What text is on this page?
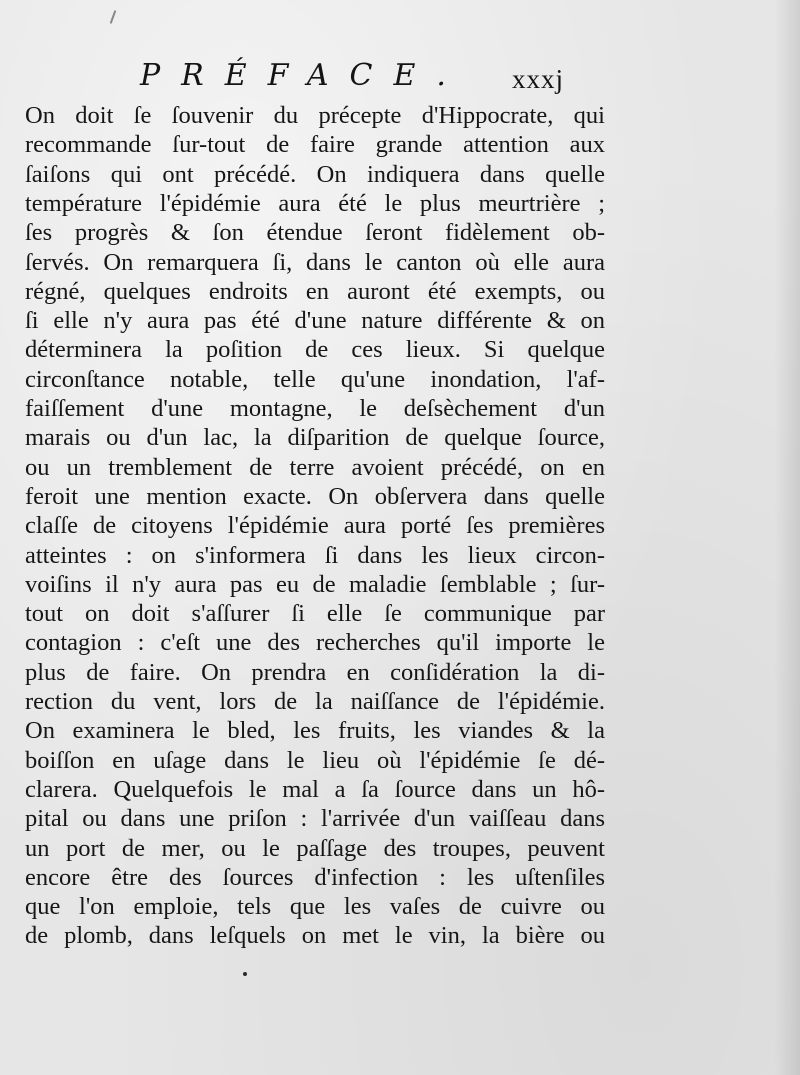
PRÉFACE.	xxxj
On doit ſe ſouvenir du précepte d'Hippocrate, qui
recommande ſur-tout de faire grande attention aux
ſaiſons qui ont précédé. On indiquera dans quelle
température l'épidémie aura été le plus meurtrière ;
ſes progrès & ſon étendue ſeront fidèlement ob-
ſervés. On remarquera ſi, dans le canton où elle aura
régné, quelques endroits en auront été exempts, ou
ſi elle n'y aura pas été d'une nature différente & on
déterminera la poſition de ces lieux. Si quelque
circonſtance notable, telle qu'une inondation, l'af-
faiſſement d'une montagne, le deſsèchement d'un
marais ou d'un lac, la diſparition de quelque ſource,
ou un tremblement de terre avoient précédé, on en
feroit une mention exacte. On obſervera dans quelle
claſſe de citoyens l'épidémie aura porté ſes premières
atteintes : on s'informera ſi dans les lieux circon-
voiſins il n'y aura pas eu de maladie ſemblable ; ſur-
tout on doit s'aſſurer ſi elle ſe communique par
contagion : c'eſt une des recherches qu'il importe le
plus de faire. On prendra en conſidération la di-
rection du vent, lors de la naiſſance de l'épidémie.
On examinera le bled, les fruits, les viandes & la
boiſſon en uſage dans le lieu où l'épidémie ſe dé-
clarera. Quelquefois le mal a ſa ſource dans un hô-
pital ou dans une priſon : l'arrivée d'un vaiſſeau dans
un port de mer, ou le paſſage des troupes, peuvent
encore être des ſources d'infection : les uſtenſiles
que l'on emploie, tels que les vaſes de cuivre ou
de plomb, dans leſquels on met le vin, la bière ou
